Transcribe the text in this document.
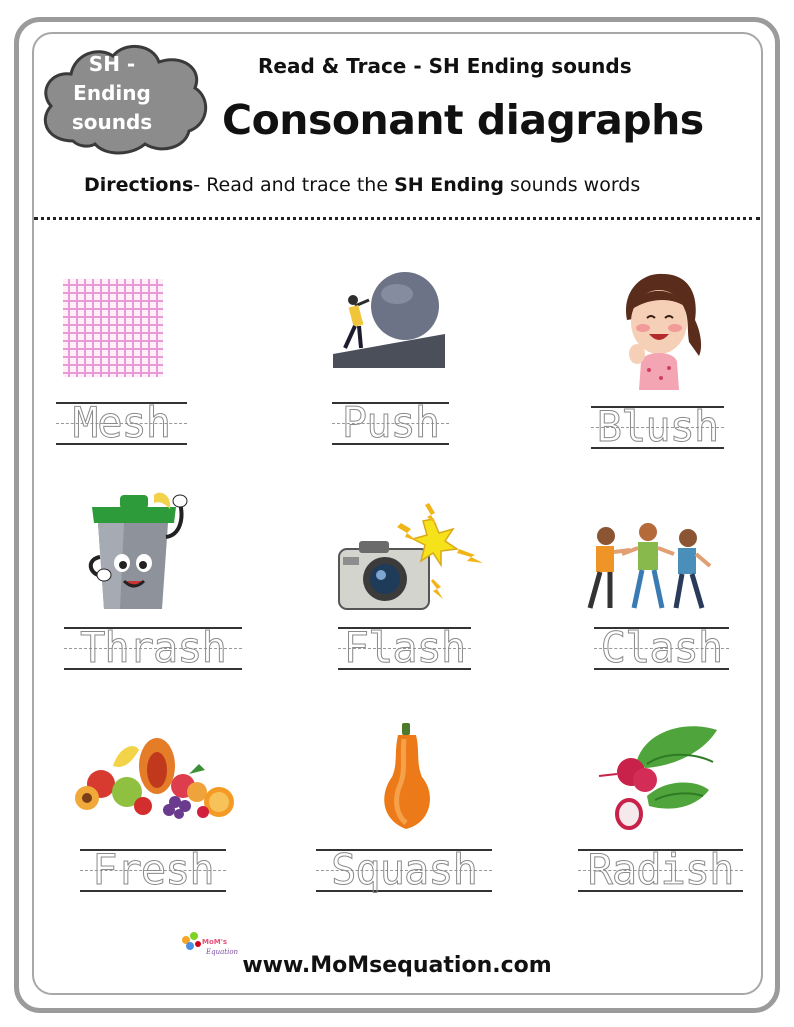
SH -
Ending
sounds
Read & Trace - SH Ending sounds
Consonant diagraphs
Directions- Read and trace the SH Ending sounds words
Mesh	Push	Blush
Thrash	Flash	Clash
Fresh	Squash	Radish
MoM's
Equation
www.MoMsequation.com
